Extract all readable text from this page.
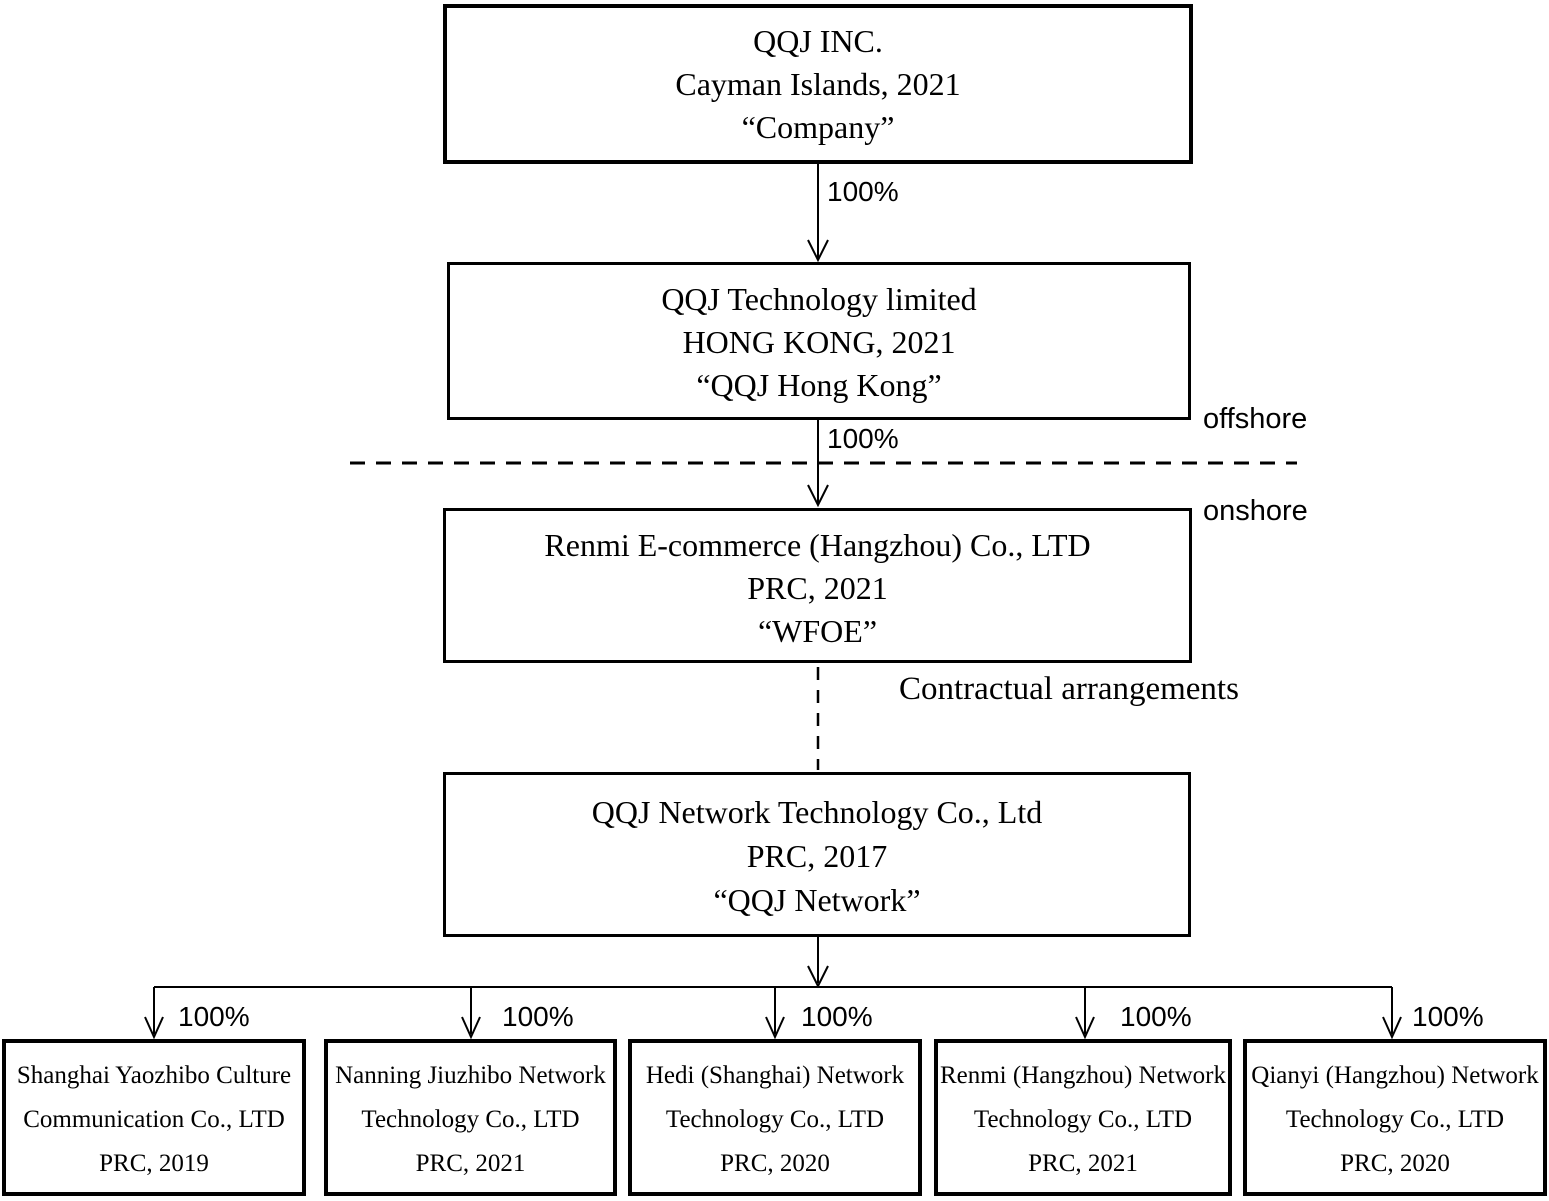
QQJ INC.
Cayman Islands, 2021
“Company”
QQJ Technology limited
HONG KONG, 2021
“QQJ Hong Kong”
Renmi E-commerce (Hangzhou) Co., LTD
PRC, 2021
“WFOE”
QQJ Network Technology Co., Ltd
PRC, 2017
“QQJ Network”
Shanghai Yaozhibo Culture
Communication Co., LTD
PRC, 2019
Nanning Jiuzhibo Network
Technology Co., LTD
PRC, 2021
Hedi (Shanghai) Network
Technology Co., LTD
PRC, 2020
Renmi (Hangzhou) Network
Technology Co., LTD
PRC, 2021
Qianyi (Hangzhou) Network
Technology Co., LTD
PRC, 2020
100%
100%
100%	100%	100%	100%	100%
offshore
onshore
Contractual arrangements
